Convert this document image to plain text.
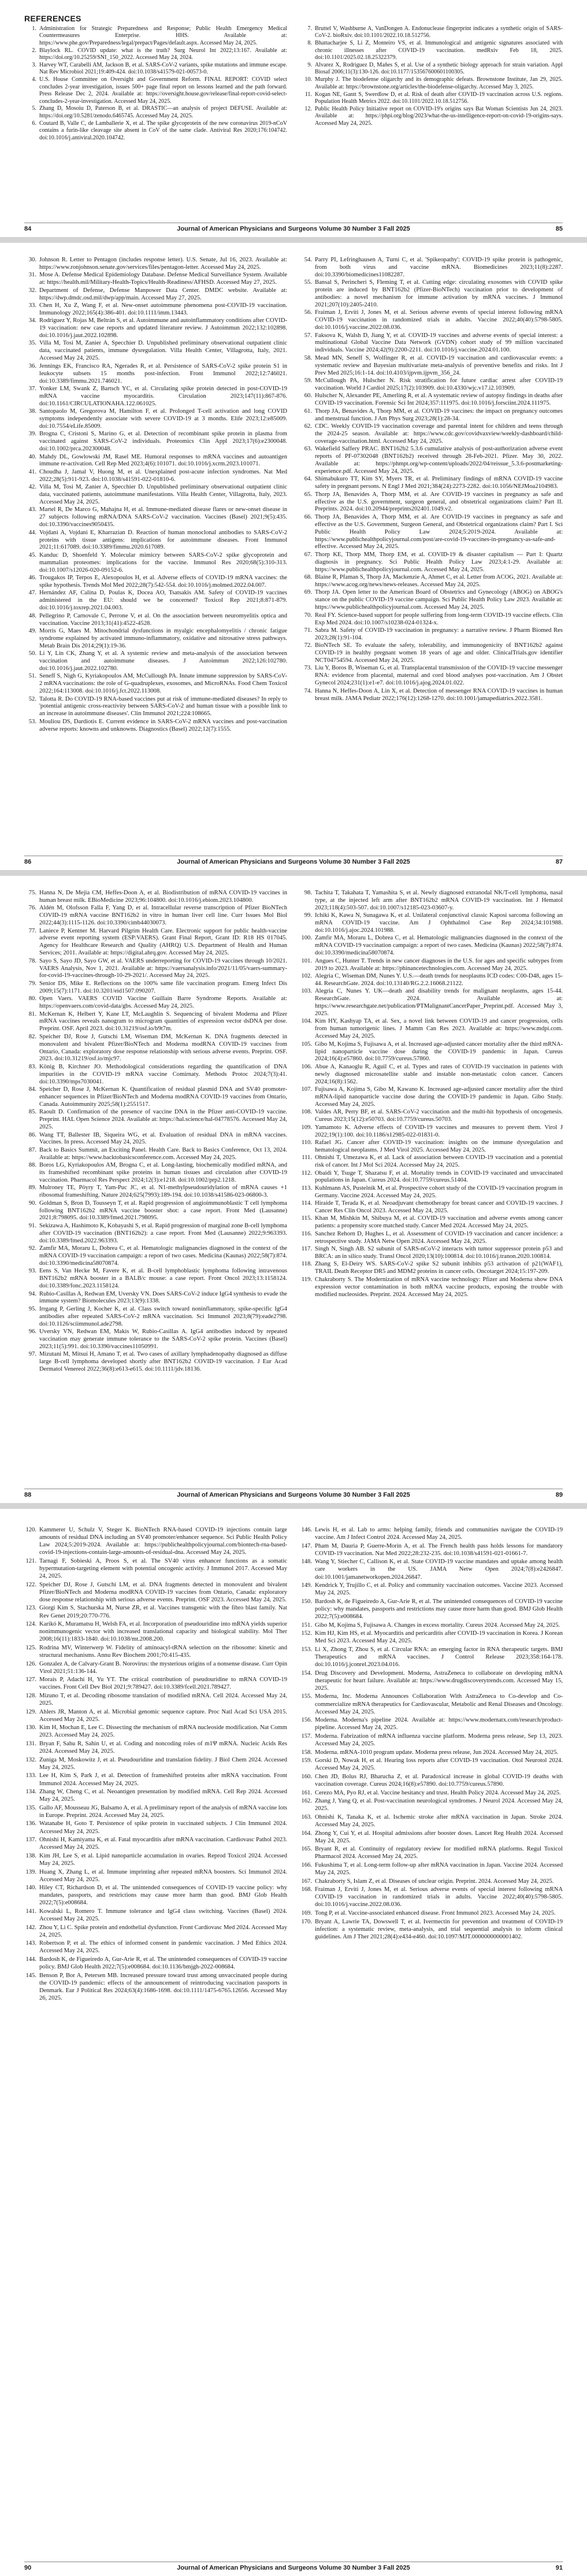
REFERENCES
1. Administration for Strategic Preparedness and Response; Public Health Emergency Medical Countermeasures Enterprise. HHS. Available at: https://www.phe.gov/Preparedness/legal/prepact/Pages/default.aspx. Accessed May 24, 2025.
2. Blaylock RL. COVID update: what is the truth? Surg Neurol Int 2022;13:167. Available at: https://doi.org/10.25259/SNI_150_2022. Accessed May 24, 2024.
3. Harvey WT, Carabelli AM, Jackson B, et al. SARS-CoV-2 variants, spike mutations and immune escape. Nat Rev Microbiol 2021;19:409-424. doi:10.1038/s41579-021-00573-0.
4. U.S. House Committee on Oversight and Government Reform. FINAL REPORT: COVID select concludes 2-year investigation, issues 500+ page final report on lessons learned and the path forward. Press Release Dec 2, 2024. Available at: https://oversight.house.gov/release/final-report-covid-select-concludes-2-year-investigation. Accessed May 24, 2025.
5. Zhang D, Mosoiu D, Paterson B, et al. DRASTIC—an analysis of project DEFUSE. Available at: https://doi.org/10.5281/zenodo.6465745. Accessed May 24, 2025.
6. Coutard B, Valle C, de Lamballerie X, et al. The spike glycoprotein of the new coronavirus 2019-nCoV contains a furin-like cleavage site absent in CoV of the same clade. Antiviral Res 2020;176:104742. doi:10.1016/j.antiviral.2020.104742.
7. Bruttel V, Washburne A, VanDongen A. Endonuclease fingerprint indicates a synthetic origin of SARS-CoV-2. bioRxiv. doi:10.1101/2022.10.18.512756.
8. Bhattacharjee S, Li Z, Monteiro VS, et al. Immunological and antigenic signatures associated with chronic illnesses after COVID-19 vaccination. medRxiv Feb 18, 2025. doi:10.1101/2025.02.18.25322379.
9. Alvarez X, Rodriguez D, Mañes S, et al. Use of a synthetic biology approach for strain variation. Appl Biosaf 2006;11(3):130-126. doi:10.1177/153567600601100305.
10. Murphy J. The biodefense oligarchy and its demographic defeats. Brownstone Institute, Jan 29, 2025. Available at: https://brownstone.org/articles/the-biodefense-oligarchy. Accessed May 3, 2025.
11. Kogan NE, Gantt S, Swerdlow D, et al. Risk of death after COVID-19 vaccination across U.S. regions. Population Health Metrics 2022. doi:10.1101/2022.10.18.512756.
12. Public Health Policy Initiative report on COVID-19's origins says Bat Woman Scientists Jun 24, 2023. Available at: https://phpi.org/blog/2023/what-the-us-intelligence-report-on-covid-19-origins-says. Accessed May 24, 2025.
84	Journal of American Physicians and Surgeons Volume 30 Number 3 Fall 2025	85
30. Johnson R. Letter to Pentagon (includes response letter). U.S. Senate, Jul 16, 2023. Available at: https://www.ronjohnson.senate.gov/services/files/pentagon-letter. Accessed May 24, 2025.
31. Mose A. Defense Medical Epidemiology Database. Defense Medical Surveillance System. Available at: https://health.mil/Military-Health-Topics/Health-Readiness/AFHSD. Accessed May 27, 2025.
32. Department of Defense, Defense Manpower Data Center. DMDC website. Available at: https://dwp.dmdc.osd.mil/dwp/app/main. Accessed May 27, 2025.
33. Chen H, Xu Z, Wang F, et al. New-onset autoimmune phenomena post-COVID-19 vaccination. Immunology 2022;165(4):386-401. doi:10.1111/imm.13443.
34. Rodriguez Y, Rojas M, Beltrán S, et al. Autoimmune and autoinflammatory conditions after COVID-19 vaccination: new case reports and updated literature review. J Autoimmun 2022;132:102898. doi:10.1016/j.jaut.2022.102898.
35. Villa M, Tosi M, Zanier A, Specchier D. Unpublished preliminary observational outpatient clinic data, vaccinated patients, immune dysregulation. Villa Health Center, Villagrotta, Italy, 2021. Accessed May 24, 2025.
36. Jennings EK, Francisco RA, Ngerades R, et al. Persistence of SARS-CoV-2 spike protein S1 in leukocyte subsets 15 months post-infection. Front Immunol 2022;12:746021. doi:10.3389/fimmu.2021.746021.
37. Yonker LM, Swank Z, Bartsch YC, et al. Circulating spike protein detected in post-COVID-19 mRNA vaccine myocarditis. Circulation 2023;147(11):867-876. doi:10.1161/CIRCULATIONAHA.122.061025.
38. Santopaolo M, Gregorova M, Hamilton F, et al. Prolonged T-cell activation and long COVID symptoms independently associate with severe COVID-19 at 3 months. Elife 2023;12:e85009. doi:10.7554/eLife.85009.
39. Brogna C, Cristoni S, Marino G, et al. Detection of recombinant spike protein in plasma from vaccinated against SARS-CoV-2 individuals. Proteomics Clin Appl 2023;17(6):e2300048. doi:10.1002/prca.202300048.
40. Mahdy DL, Gowlowski JM, Rasel ME. Humoral responses to mRNA vaccines and autoantigen immune re-activation. Cell Rep Med 2023;4(6):101071. doi:10.1016/j.xcrm.2023.101071.
41. Choudha J, Jamal V, Huong M, et al. Unexplained post-acute infection syndromes. Nat Med 2022;28(5):911-923. doi:10.1038/s41591-022-01810-6.
42. Villa M, Tosi M, Zanier A, Specchier D. Unpublished preliminary observational outpatient clinic data, vaccinated patients, autoimmune manifestations. Villa Health Center, Villagrotta, Italy, 2023. Accessed May 24, 2025.
43. Martel R, De Marco G, Mahajna H, et al. Immune-mediated disease flares or new-onset disease in 27 subjects following mRNA/DNA SARS-CoV-2 vaccination. Vaccines (Basel) 2021;9(5):435. doi:10.3390/vaccines9050435.
44. Vojdani A, Vojdani E, Kharrazian D. Reaction of human monoclonal antibodies to SARS-CoV-2 proteins with tissue antigens: implications for autoimmune diseases. Front Immunol 2021;11:617089. doi:10.3389/fimmu.2020.617089.
45. Kanduc D, Shoenfeld Y. Molecular mimicry between SARS-CoV-2 spike glycoprotein and mammalian proteomes: implications for the vaccine. Immunol Res 2020;68(5):310-313. doi:10.1007/s12026-020-09152-6.
46. Trougakos IP, Terpos E, Alexopoulos H, et al. Adverse effects of COVID-19 mRNA vaccines: the spike hypothesis. Trends Mol Med 2022;28(7):542-554. doi:10.1016/j.molmed.2022.04.007.
47. Hernández AF, Calina D, Poulas K, Docea AO, Tsatsakis AM. Safety of COVID-19 vaccines administered in the EU: should we be concerned? Toxicol Rep 2021;8:871-879. doi:10.1016/j.toxrep.2021.04.003.
48. Pellegrino P, Carnovale C, Perrone V, et al. On the association between neuromyelitis optica and vaccination. Vaccine 2013;31(41):4522-4528.
49. Morris G, Maes M. Mitochondrial dysfunctions in myalgic encephalomyelitis / chronic fatigue syndrome explained by activated immuno-inflammatory, oxidative and nitrosative stress pathways. Metab Brain Dis 2014;29(1):19-36.
50. Li Y, Lin CK, Zhang Y, et al. A systemic review and meta-analysis of the association between vaccination and autoimmune diseases. J Autoimmun 2022;126:102780. doi:10.1016/j.jaut.2022.102780.
51. Seneff S, Nigh G, Kyriakopoulos AM, McCullough PA. Innate immune suppression by SARS-CoV-2 mRNA vaccinations: the role of G-quadruplexes, exosomes, and MicroRNAs. Food Chem Toxicol 2022;164:113008. doi:10.1016/j.fct.2022.113008.
52. Talotta R. Do COVID-19 RNA-based vaccines put at risk of immune-mediated diseases? In reply to 'potential antigenic cross-reactivity between SARS-CoV-2 and human tissue with a possible link to an increase in autoimmune diseases'. Clin Immunol 2021;224:108665.
53. Mouliou DS, Dardiotis E. Current evidence in SARS-CoV-2 mRNA vaccines and post-vaccination adverse reports: knowns and unknowns. Diagnostics (Basel) 2022;12(7):1555.
54. Parry PI, Lefringhausen A, Turni C, et al. 'Spikeopathy': COVID-19 spike protein is pathogenic, from both virus and vaccine mRNA. Biomedicines 2023;11(8):2287. doi:10.3390/biomedicines11082287.
55. Bansal S, Perincheri S, Fleming T, et al. Cutting edge: circulating exosomes with COVID spike protein are induced by BNT162b2 (Pfizer-BioNTech) vaccination prior to development of antibodies: a novel mechanism for immune activation by mRNA vaccines. J Immunol 2021;207(10):2405-2410.
56. Fraiman J, Erviti J, Jones M, et al. Serious adverse events of special interest following mRNA COVID-19 vaccination in randomized trials in adults. Vaccine 2022;40(40):5798-5805. doi:10.1016/j.vaccine.2022.08.036.
57. Faksova K, Walsh D, Jiang Y, et al. COVID-19 vaccines and adverse events of special interest: a multinational Global Vaccine Data Network (GVDN) cohort study of 99 million vaccinated individuals. Vaccine 2024;42(9):2200-2211. doi:10.1016/j.vaccine.2024.01.100.
58. Mead MN, Seneff S, Wolfinger R, et al. COVID-19 vaccination and cardiovascular events: a systematic review and Bayesian multivariate meta-analysis of preventive benefits and risks. Int J Prev Med 2025;16:1-14. doi:10.4103/ijpvm.ijpvm_356_24.
59. McCullough PA, Hulscher N. Risk stratification for future cardiac arrest after COVID-19 vaccination. World J Cardiol 2025;17(2):103909. doi:10.4330/wjc.v17.i2.103909.
60. Hulscher N, Alexander PE, Amerling R, et al. A systematic review of autopsy findings in deaths after COVID-19 vaccination. Forensic Sci Int 2024;357:111975. doi:10.1016/j.forsciint.2024.111975.
61. Thorp JA, Benavides A, Thorp MM, et al. COVID-19 vaccines: the impact on pregnancy outcomes and menstrual function. J Am Phys Surg 2023;28(1):28-34.
62. CDC. Weekly COVID-19 vaccination coverage and parental intent for children and teens through the 2024-25 season. Available at: https://www.cdc.gov/covidvaxview/weekly-dashboard/child-coverage-vaccination.html. Accessed May 24, 2025.
63. Wakefield Saffery PRAC. BNT162b2 5.3.6 cumulative analysis of post-authorization adverse event reports of PF-07302048 (BNT162b2) received through 28-Feb-2021. Pfizer. May 30, 2022. Available at: https://phmpt.org/wp-content/uploads/2022/04/reissue_5.3.6-postmarketing-experience.pdf. Accessed May 24, 2025.
64. Shimabukuro TT, Kim SY, Myers TR, et al. Preliminary findings of mRNA COVID-19 vaccine safety in pregnant persons. N Engl J Med 2021;384(24):2273-2282. doi:10.1056/NEJMoa2104983.
65. Thorp JA, Benavides A, Thorp MM, et al. Are COVID-19 vaccines in pregnancy as safe and effective as the U.S. government, surgeon general, and obstetrical organizations claim? Part II. Preprints. 2024. doi:10.20944/preprints202401.1049.v2.
66. Thorp JA, Benavides A, Thorp MM, et al. Are COVID-19 vaccines in pregnancy as safe and effective as the U.S. Government, Surgeon General, and Obstetrical organizations claim? Part I. Sci Public Health Policy Law 2024;5:2019-2024. Available at: https://www.publichealthpolicyjournal.com/post/are-covid-19-vaccines-in-pregnancy-as-safe-and-effective. Accessed May 24, 2025.
67. Thorp KE, Thorp MM, Thorp EM, et al. COVID-19 & disaster capitalism — Part I: Quartz diagnosis in pregnancy. Sci Public Health Policy Law 2023;4:1-29. Available at: https://www.publichealthpolicyjournal.com. Accessed May 24, 2025.
68. Blaine R, Pfaman S, Thorp JA, Mackenzie A, Ahmet C, et al. Letter from ACOG, 2021. Available at: https://www.acog.org/news/news-releases. Accessed May 24, 2025.
69. Thorp JA. Open letter to the American Board of Obstetrics and Gynecology (ABOG) on ABOG's stance on the public COVID-19 vaccine campaign. Sci Public Health Policy Law 2023. Available at: https://www.publichealthpolicyjournal.com. Accessed May 24, 2025.
70. Real FY. Science-based support for people suffering from long-term COVID-19 vaccine effects. Clin Exp Med 2024. doi:10.1007/s10238-024-01324-x.
71. Sabra M. Safety of COVID-19 vaccination in pregnancy: a narrative review. J Pharm Biomed Res 2023;28(1):91-104.
72. BioNTech SE. To evaluate the safety, tolerability, and immunogenicity of BNT162b2 against COVID-19 in healthy pregnant women 18 years of age and older. ClinicalTrials.gov identifier NCT04754594. Accessed May 24, 2025.
73. Liu Y, Boros B, Wiseman G, et al. Transplacental transmission of the COVID-19 vaccine messenger RNA: evidence from placental, maternal and cord blood analyses post-vaccination. Am J Obstet Gynecol 2024;231(1):e1-e7. doi:10.1016/j.ajog.2024.01.022.
74. Hanna N, Heffes-Doon A, Lin X, et al. Detection of messenger RNA COVID-19 vaccines in human breast milk. JAMA Pediatr 2022;176(12):1268-1270. doi:10.1001/jamapediatrics.2022.3581.
86	Journal of American Physicians and Surgeons Volume 30 Number 3 Fall 2025	87
75. Hanna N, De Mejia CM, Heffes-Doon A, et al. Biodistribution of mRNA COVID-19 vaccines in human breast milk. EBioMedicine 2023;96:104800. doi:10.1016/j.ebiom.2023.104800.
76. Aldén M, Olofsson Falla F, Yang D, et al. Intracellular reverse transcription of Pfizer BioNTech COVID-19 mRNA vaccine BNT162b2 in vitro in human liver cell line. Curr Issues Mol Biol 2022;44(3):1115-1126. doi:10.3390/cimb44030073.
77. Laniece P, Kentner M. Harvard Pilgrim Health Care. Electronic support for public health-vaccine adverse event reporting system (ESP:VAERS). Grant Final Report, Grant ID: R18 HS 017045. Agency for Healthcare Research and Quality (AHRQ) U.S. Department of Health and Human Services; 2011. Available at: https://digital.ahrq.gov. Accessed May 24, 2025.
78. Sayo S, Sayo JD, Sayo GW, et al. VAERS underreporting for COVID-19 vaccines through 10/2021. VAERS Analysis, Nov 1, 2021. Available at: https://vaersanalysis.info/2021/11/05/vaers-summary-for-covid-19-vaccines-through-10-29-2021/. Accessed May 24, 2025.
79. Senior DS, Mike E. Reflections on the 100% same file vaccination program. Emerg Infect Dis 2009;15(7):1171. doi:10.3201/eid1507.090207.
80. Open Vaers. VAERS COVID Vaccine Guillain Barre Syndrome Reports. Available at: https://openvaers.com/covid-data/gbs. Accessed May 24, 2025.
81. McKernan K, Helbert Y, Kane LT, McLaughlin S. Sequencing of bivalent Moderna and Pfizer mRNA vaccines reveals nanogram to microgram quantities of expression vector dsDNA per dose. Preprint. OSF. April 2023. doi:10.31219/osf.io/b9t7m.
82. Speicher DJ, Rose J, Gutschi LM, Wiseman DM, McKernan K. DNA fragments detected in monovalent and bivalent Pfizer/BioNTech and Moderna modRNA COVID-19 vaccines from Ontario, Canada: exploratory dose response relationship with serious adverse events. Preprint. OSF. 2023. doi:10.31219/osf.io/mjc97.
83. König B, Kirchner JO. Methodological considerations regarding the quantification of DNA impurities in the COVID-19 mRNA vaccine Comirnaty. Methods Protoc 2024;7(3):41. doi:10.3390/mps7030041.
84. Speicher D, Rose J, McKernan K. Quantification of residual plasmid DNA and SV40 promoter-enhancer sequences in Pfizer/BioNTech and Moderna modRNA COVID-19 vaccines from Ontario, Canada. Autoimmunity 2025;58(1):2551517.
85. Raoult D. Confirmation of the presence of vaccine DNA in the Pfizer anti-COVID-19 vaccine. Preprint. HAL Open Science 2024. Available at: https://hal.science/hal-04778576. Accessed May 24, 2025.
86. Wang TT, Ballester IB, Siqueira WG, et al. Evaluation of residual DNA in mRNA vaccines. Vaccines. In press. Accessed May 24, 2025.
87. Back to Basics Summit, an Exciting Panel. Health Care. Back to Basics Conference, Oct 13, 2024. Available at: https://www.backtobasicsconference.com. Accessed May 24, 2025.
88. Boros LG, Kyriakopoulos AM, Brogna C, et al. Long-lasting, biochemically modified mRNA, and its frameshifted recombinant spike proteins in human tissues and circulation after COVID-19 vaccination. Pharmacol Res Perspect 2024;12(3):e1218. doi:10.1002/prp2.1218.
89. Mulroney TE, Pöyry T, Yam-Puc JC, et al. N1-methylpseudouridylation of mRNA causes +1 ribosomal frameshifting. Nature 2024;625(7993):189-194. doi:10.1038/s41586-023-06800-3.
90. Goldman S, Bron D, Tousseyn T, et al. Rapid progression of angioimmunoblastic T cell lymphoma following BNT162b2 mRNA vaccine booster shot: a case report. Front Med (Lausanne) 2021;8:798095. doi:10.3389/fmed.2021.798095.
91. Sekizawa A, Hashimoto K, Kobayashi S, et al. Rapid progression of marginal zone B-cell lymphoma after COVID-19 vaccination (BNT162b2): a case report. Front Med (Lausanne) 2022;9:963393. doi:10.3389/fmed.2022.963393.
92. Zamfir MA, Moraru L, Dobrea C, et al. Hematologic malignancies diagnosed in the context of the mRNA COVID-19 vaccination campaign: a report of two cases. Medicina (Kaunas) 2022;58(7):874. doi:10.3390/medicina58070874.
93. Eens S, Van Hecke M, Favere K, et al. B-cell lymphoblastic lymphoma following intravenous BNT162b2 mRNA booster in a BALB/c mouse: a case report. Front Oncol 2023;13:1158124. doi:10.3389/fonc.2023.1158124.
94. Rubio-Casillas A, Redwan EM, Uversky VN. Does SARS-CoV-2 induce IgG4 synthesis to evade the immune system? Biomolecules 2023;13(9):1338.
95. Irrgang P, Gerling J, Kocher K, et al. Class switch toward noninflammatory, spike-specific IgG4 antibodies after repeated SARS-CoV-2 mRNA vaccination. Sci Immunol 2023;8(79):eade2798. doi:10.1126/sciimmunol.ade2798.
96. Uversky VN, Redwan EM, Makis W, Rubio-Casillas A. IgG4 antibodies induced by repeated vaccination may generate immune tolerance to the SARS-CoV-2 spike protein. Vaccines (Basel) 2023;11(5):991. doi:10.3390/vaccines11050991.
97. Mizutani M, Mitsui H, Amano T, et al. Two cases of axillary lymphadenopathy diagnosed as diffuse large B-cell lymphoma developed shortly after BNT162b2 COVID-19 vaccination. J Eur Acad Dermatol Venereol 2022;36(8):e613-e615. doi:10.1111/jdv.18136.
98. Tachita T, Takahata T, Yamashita S, et al. Newly diagnosed extranodal NK/T-cell lymphoma, nasal type, at the injected left arm after BNT162b2 mRNA COVID-19 vaccination. Int J Hematol 2023;118(4):503-507. doi:10.1007/s12185-023-03607-y.
99. Ichiki K, Kawa N, Sunagawa K, et al. Unilateral conjunctival classic Kaposi sarcoma following an mRNA COVID-19 vaccine. Am J Ophthalmol Case Rep 2024;34:101988. doi:10.1016/j.ajoc.2024.101988.
100. Zamfir MA, Moraru L, Dobrea C, et al. Hematologic malignancies diagnosed in the context of the mRNA COVID-19 vaccination campaign: a report of two cases. Medicina (Kaunas) 2022;58(7):874. doi:10.3390/medicina58070874.
101. Angues C, Hunter T. Trends in new cancer diagnoses in the U.S. for ages and specific subtypes from 2019 to 2023. Available at: https://phinancetechnologies.com. Accessed May 24, 2025.
102. Alegria C, Wiseman DM, Nunes Y. U.S.—death trends for neoplasms ICD codes: C00-D48, ages 15-44. ResearchGate. 2024. doi:10.13140/RG.2.2.16068.21122.
103. Alegria C, Nunes Y. UK—death and disability trends for malignant neoplasms, ages 15-44. ResearchGate. 2024. Available at: https://www.researchgate.net/publication/PTMalignantCancerPaper_Preprint.pdf. Accessed May 3, 2025.
104. Kim HY, Kashyap TA, et al. Sex, a novel link between COVID-19 and cancer progression, cells from human tumorigenic lines. J Mamm Can Res 2023. Available at: https://www.mdpi.com. Accessed May 24, 2025.
105. Gibo M, Kojima S, Fujisawa A, et al. Increased age-adjusted cancer mortality after the third mRNA-lipid nanoparticle vaccine dose during the COVID-19 pandemic in Japan. Cureus 2024;16(4):e57860. doi:10.7759/cureus.57860.
106. Abue A, Kanaoglu R, Aguil C, et al. Types and rates of COVID-19 vaccination in patients with newly diagnosed microsatellite stable and instable non-metastatic colon cancer. Cancers 2024;16(8):1562.
107. Fujisawa A, Kojima S, Gibo M, Kawano K. Increased age-adjusted cancer mortality after the third mRNA-lipid nanoparticle vaccine dose during the COVID-19 pandemic in Japan. Gibo Study. Accessed May 24, 2025.
108. Valdes AR, Perry BF, et al. SARS-CoV-2 vaccination and the multi-hit hypothesis of oncogenesis. Cureus 2023;15(12):e50703. doi:10.7759/cureus.50703.
109. Yamamoto K. Adverse effects of COVID-19 vaccines and measures to prevent them. Virol J 2022;19(1):100. doi:10.1186/s12985-022-01831-0.
110. Rafael JG. Cancer after COVID-19 vaccination: insights on the immune dysregulation and hematological neoplasms. J Med Virol 2025. Accessed May 24, 2025.
111. Ohnishi T, Umezawa K, et al. Lack of association between COVID-19 vaccination and a potential risk of cancer. Int J Mol Sci 2024. Accessed May 24, 2025.
112. Obaidi Y, Tsuge T, Shazatsu F, et al. Mortality trends in COVID-19 vaccinated and unvaccinated populations in Japan. Cureus 2024. doi:10.7759/cureus.51404.
113. Kuhlmann AS, Pustelnik M, et al. Prospective cohort study of the COVID-19 vaccination program in Germany. Vaccine 2024. Accessed May 24, 2025.
114. Hiraide T, Terada K, et al. Neoadjuvant chemotherapy for breast cancer and COVID-19 vaccines. J Cancer Res Clin Oncol 2023. Accessed May 24, 2025.
115. Khan M, Mishkin M, Shibuya M, et al. COVID-19 vaccination and adverse events among cancer patients: a propensity score matched study. Cancer Med 2024. Accessed May 24, 2025.
116. Sanchez Rehorn D, Hughes L, et al. Assessment of COVID-19 vaccination and cancer incidence: a retrospective study. JAMA Netw Open 2024. Accessed May 24, 2025.
117. Singh N, Singh AB. S2 subunit of SARS-nCoV-2 interacts with tumor suppressor protein p53 and BRCA: an in silico study. Transl Oncol 2020;13(10):100814. doi:10.1016/j.tranon.2020.100814.
118. Zhang S, El-Deiry WS. SARS-CoV-2 spike S2 subunit inhibits p53 activation of p21(WAF1), TRAIL Death Receptor DR5 and MDM2 proteins in cancer cells. Oncotarget 2024;15:197-209.
119. Chakraborty S. The Modernization of mRNA vaccine technology: Pfizer and Moderna show DNA expression vector contamination in both mRNA vaccine products, exposing the trouble with modified nucleosides. Preprint. 2024. Accessed May 24, 2025.
88	Journal of American Physicians and Surgeons Volume 30 Number 3 Fall 2025	89
120. Kammerer U, Schulz V, Steger K. BioNTech RNA-based COVID-19 injections contain large amounts of residual DNA including an SV40 promoter/enhancer sequence. Sci Public Health Policy Law 2024;5:2019-2024. Available at: https://publichealthpolicyjournal.com/biontech-rna-based-covid-19-injections-contain-large-amounts-of-residual-dna. Accessed May 24, 2025.
121. Tarnagi F, Sobieski A, Proos S, et al. The SV40 virus enhancer functions as a somatic hypermutation-targeting element with potential oncogenic activity. J Immunol 2017. Accessed May 24, 2025.
122. Speicher DJ, Rose J, Gutschi LM, et al. DNA fragments detected in monovalent and bivalent Pfizer/BioNTech and Moderna modRNA COVID-19 vaccines from Ontario, Canada: exploratory dose response relationship with serious adverse events. Preprint. OSF 2023. Accessed May 24, 2025.
123. Giorgi Kim S, Stachurska M, Nurse ZR, et al. Vaccines transgenic with the fibro blast family. Nat Rev Genet 2019;20:770-776.
124. Karikó K, Muramatsu H, Welsh FA, et al. Incorporation of pseudouridine into mRNA yields superior nonimmunogenic vector with increased translational capacity and biological stability. Mol Ther 2008;16(11):1833-1840. doi:10.1038/mt.2008.200.
125. Rodrina MV, Winterwerp W. Fidelity of aminoacyl-tRNA selection on the ribosome: kinetic and structural mechanisms. Annu Rev Biochem 2001;70:415-435.
126. Gonzalez A, de Calvary-Grant B. Norovirus: the mysterious origins of a nonsense disease. Curr Opin Virol 2021;51:136-144.
127. Morais P, Adachi H, Yu YT. The critical contribution of pseudouridine to mRNA COVID-19 vaccines. Front Cell Dev Biol 2021;9:789427. doi:10.3389/fcell.2021.789427.
128. Mizuno T, et al. Decoding ribosome translation of modified mRNA. Cell 2024. Accessed May 24, 2025.
129. Ahlers JR, Manton A, et al. Microbial genomic sequence capture. Proc Natl Acad Sci USA 2015. Accessed May 24, 2025.
130. Kim H, Mochan E, Lee C. Dissecting the mechanism of mRNA nucleoside modification. Nat Comm 2023. Accessed May 24, 2025.
131. Bryan F, Sahu R, Sahin U, et al. Coding and noncoding roles of m1Ψ mRNA. Nucleic Acids Res 2024. Accessed May 24, 2025.
132. Zuniga M, Moskowitz J, et al. Pseudouridine and translation fidelity. J Biol Chem 2024. Accessed May 24, 2025.
133. Lee H, Kim S, Park J, et al. Detection of frameshifted proteins after mRNA vaccination. Front Immunol 2024. Accessed May 24, 2025.
134. Zhang W, Cheng C, et al. Neoantigen presentation by modified mRNA. Cell Rep 2024. Accessed May 24, 2025.
135. Gallo AF, Mousseau JG, Balsamo A, et al. A preliminary report of the analysis of mRNA vaccine lots in Europe. Preprint. 2024. Accessed May 24, 2025.
136. Watanabe H, Goto T. Persistence of spike protein in vaccinated subjects. J Clin Immunol 2024. Accessed May 24, 2025.
137. Ohnishi H, Kamiyama K, et al. Fatal myocarditis after mRNA vaccination. Cardiovasc Pathol 2023. Accessed May 24, 2025.
138. Kim JH, Lee S, et al. Lipid nanoparticle accumulation in ovaries. Reprod Toxicol 2024. Accessed May 24, 2025.
139. Huang X, Zhang L, et al. Immune imprinting after repeated mRNA boosters. Sci Immunol 2024. Accessed May 24, 2025.
140. Hiley CT, Richardson D, et al. The unintended consequences of COVID-19 vaccine policy: why mandates, passports, and restrictions may cause more harm than good. BMJ Glob Health 2022;7(5):e008684.
141. Kowalski L, Romero T. Immune tolerance and IgG4 class switching. Vaccines (Basel) 2024. Accessed May 24, 2025.
142. Zhou Y, Li C. Spike protein and endothelial dysfunction. Front Cardiovasc Med 2024. Accessed May 24, 2025.
143. Robertson P, et al. The ethics of informed consent in pandemic vaccination. J Med Ethics 2024. Accessed May 24, 2025.
144. Bardosh K, de Figueiredo A, Gur-Arie R, et al. The unintended consequences of COVID-19 vaccine policy. BMJ Glob Health 2022;7(5):e008684. doi:10.1136/bmjgh-2022-008684.
145. Benson P, Bor A, Petersen MB. Increased pressure toward trust among unvaccinated people during the COVID-19 pandemic: effects of the announcement of reintroducing vaccination passports in Denmark. Eur J Political Res 2024;63(4):1686-1698. doi:10.1111/1475-6765.12656. Accessed May 26, 2025.
146. Lewis H, et al. Lab to arms: helping family, friends and communities navigate the COVID-19 vaccine. Am J Infect Control 2024. Accessed May 24, 2025.
147. Pham M, Dauria P, Guerre-Morin A, et al. The French health pass holds lessons for mandatory COVID-19 vaccination. Nat Med 2022;28:232-235. doi:10.1038/s41591-021-01661-7.
148. Wang Y, Stiecher C, Callison K, et al. State COVID-19 vaccine mandates and uptake among health care workers in the US. JAMA Netw Open 2024;7(8):e2426847. doi:10.1001/jamanetworkopen.2024.26847.
149. Kendrick Y, Trujillo C, et al. Policy and community vaccination outcomes. Vaccine 2023. Accessed May 24, 2025.
150. Bardosh K, de Figueiredo A, Gur-Arie R, et al. The unintended consequences of COVID-19 vaccine policy: why mandates, passports and restrictions may cause more harm than good. BMJ Glob Health 2022;7(5):e008684.
151. Gibo M, Kojima S, Fujisawa A. Changes in excess mortality. Cureus 2024. Accessed May 24, 2025.
152. Kim HJ, Kim HS, et al. Myocarditis and pericarditis after COVID-19 vaccination in Korea. J Korean Med Sci 2023. Accessed May 24, 2025.
153. Li X, Zhong T, Zhou S, et al. Circular RNA: an emerging factor in RNA therapeutic targets. BMJ Therapeutics and mRNA vaccines. J Control Release 2023;358:164-178. doi:10.1016/j.jconrel.2023.04.016.
154. Drug Discovery and Development. Moderna, AstraZeneca to collaborate on developing mRNA therapeutic for heart failure. Available at: https://www.drugdiscoverytrends.com. Accessed May 15, 2025.
155. Moderna, Inc. Moderna Announces Collaboration With AstraZeneca to Co-develop and Co-commercialize mRNA therapeutics for Cardiovascular, Metabolic and Renal Diseases and Oncology. Accessed May 24, 2025.
156. Moderna. Moderna's pipeline 2024. Available at: https://www.modernatx.com/research/product-pipeline. Accessed May 24, 2025.
157. Moderna. Fabrization of mRNA influenza vaccine platform. Moderna press release, Sep 13, 2023. Accessed May 24, 2025.
158. Moderna. mRNA-1010 program update. Moderna press release, Jun 2024. Accessed May 24, 2025.
159. Gorski D, Nowak H, et al. Hearing loss reports after COVID-19 vaccination. Otol Neurotol 2024. Accessed May 24, 2025.
160. Chen JD, Bolus RJ, Bharucha Z, et al. Paradoxical increase in global COVID-19 deaths with vaccination coverage. Cureus 2024;16(8):e57890. doi:10.7759/cureus.57890.
161. Cerezo MA, Pyo RJ, et al. Vaccine hesitancy and trust. Health Policy 2024. Accessed May 24, 2025.
162. Zhang J, Yang Q, et al. Post-vaccination neurological syndromes. J Neurol 2024. Accessed May 24, 2025.
163. Ohnishi K, Tanaka K, et al. Ischemic stroke after mRNA vaccination in Japan. Stroke 2024. Accessed May 24, 2025.
164. Zhong Y, Cui Y, et al. Hospital admissions after booster doses. Lancet Reg Health 2024. Accessed May 24, 2025.
165. Bryant R, et al. Continuity of regulatory review for modified mRNA platforms. Regul Toxicol Pharmacol 2024. Accessed May 24, 2025.
166. Fukushima T, et al. Long-term follow-up after mRNA vaccination in Japan. Vaccine 2024. Accessed May 24, 2025.
167. Chakraborty S, Islam Z, et al. Diseases of unclear origin. Preprint. 2024. Accessed May 24, 2025.
168. Fraiman J, Erviti J, Jones M, et al. Serious adverse events of special interest following mRNA COVID-19 vaccination in randomized trials in adults. Vaccine 2022;40(40):5798-5805. doi:10.1016/j.vaccine.2022.08.036.
169. Tong P, et al. Vaccine-associated enhanced disease. Front Immunol 2023. Accessed May 24, 2025.
170. Bryant A, Lawrie TA, Dowswell T, et al. Ivermectin for prevention and treatment of COVID-19 infection: a systematic review, meta-analysis, and trial sequential analysis to inform clinical guidelines. Am J Ther 2021;28(4):e434-e460. doi:10.1097/MJT.0000000000001402.
90	Journal of American Physicians and Surgeons Volume 30 Number 3 Fall 2025	91
